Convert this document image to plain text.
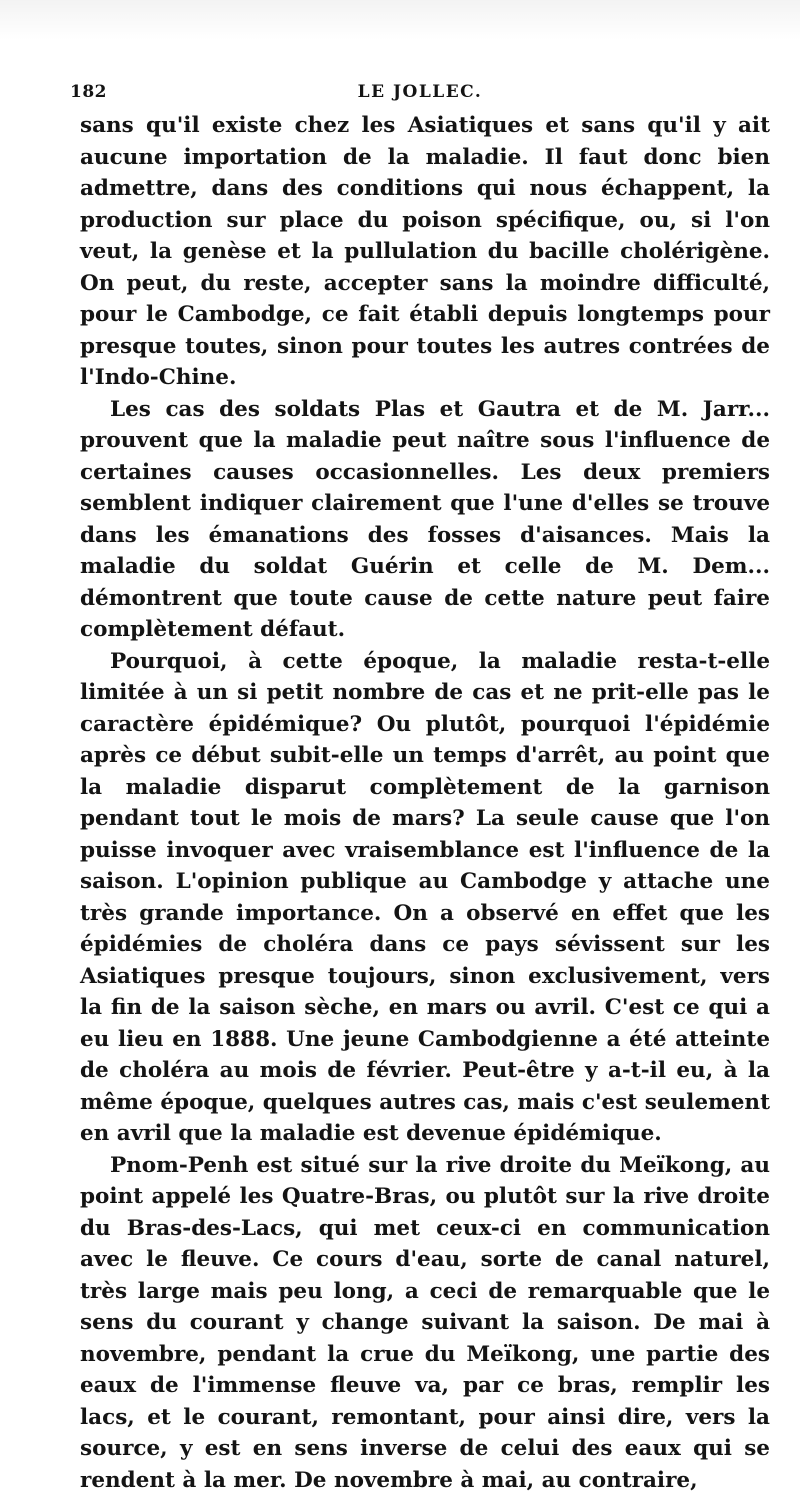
182	LE JOLLEC.

sans qu'il existe chez les Asiatiques et sans qu'il y ait aucune importation de la maladie. Il faut donc bien admettre, dans des conditions qui nous échappent, la production sur place du poison spécifique, ou, si l'on veut, la genèse et la pullulation du bacille cholérigène. On peut, du reste, accepter sans la moindre difficulté, pour le Cambodge, ce fait établi depuis longtemps pour presque toutes, sinon pour toutes les autres contrées de l'Indo-Chine.

Les cas des soldats Plas et Gautra et de M. Jarr... prouvent que la maladie peut naître sous l'influence de certaines causes occasionnelles. Les deux premiers semblent indiquer clairement que l'une d'elles se trouve dans les émanations des fosses d'aisances. Mais la maladie du soldat Guérin et celle de M. Dem... démontrent que toute cause de cette nature peut faire complètement défaut.

Pourquoi, à cette époque, la maladie resta-t-elle limitée à un si petit nombre de cas et ne prit-elle pas le caractère épidémique? Ou plutôt, pourquoi l'épidémie après ce début subit-elle un temps d'arrêt, au point que la maladie disparut complètement de la garnison pendant tout le mois de mars? La seule cause que l'on puisse invoquer avec vraisemblance est l'influence de la saison. L'opinion publique au Cambodge y attache une très grande importance. On a observé en effet que les épidémies de choléra dans ce pays sévissent sur les Asiatiques presque toujours, sinon exclusivement, vers la fin de la saison sèche, en mars ou avril. C'est ce qui a eu lieu en 1888. Une jeune Cambodgienne a été atteinte de choléra au mois de février. Peut-être y a-t-il eu, à la même époque, quelques autres cas, mais c'est seulement en avril que la maladie est devenue épidémique.

Pnom-Penh est situé sur la rive droite du Meïkong, au point appelé les Quatre-Bras, ou plutôt sur la rive droite du Bras-des-Lacs, qui met ceux-ci en communication avec le fleuve. Ce cours d'eau, sorte de canal naturel, très large mais peu long, a ceci de remarquable que le sens du courant y change suivant la saison. De mai à novembre, pendant la crue du Meïkong, une partie des eaux de l'immense fleuve va, par ce bras, remplir les lacs, et le courant, remontant, pour ainsi dire, vers la source, y est en sens inverse de celui des eaux qui se rendent à la mer. De novembre à mai, au contraire,
